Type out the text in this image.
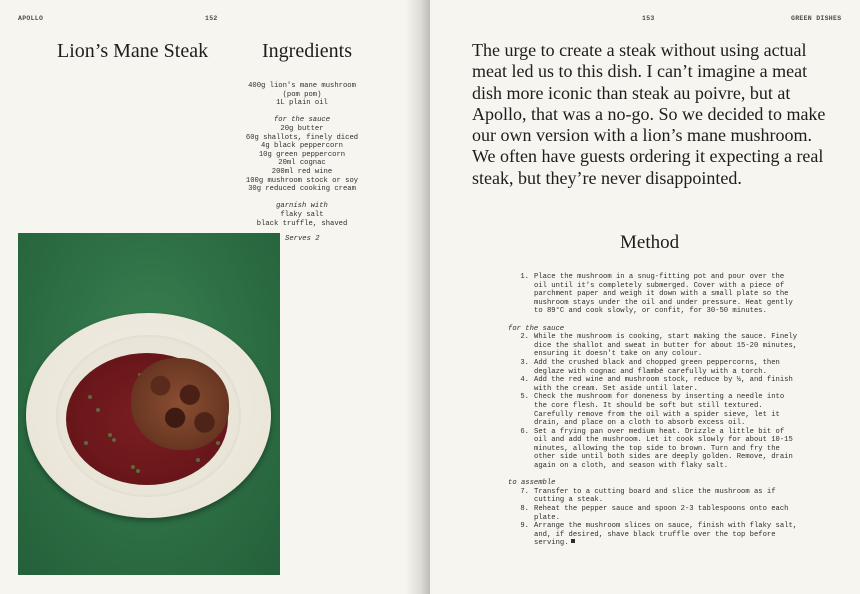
APOLLO	152
Lion’s Mane Steak	Ingredients
400g lion's mane mushroom
(pom pom)
1L plain oil
for the sauce
20g butter
60g shallots, finely diced
4g black peppercorn
10g green peppercorn
20ml cognac
200ml red wine
100g mushroom stock or soy
30g reduced cooking cream
garnish with
flaky salt
black truffle, shaved
Serves 2
153	GREEN DISHES

The urge to create a steak without using actual meat led us to this dish. I can’t imagine a meat dish more iconic than steak au poivre, but at Apollo, that was a no-go. So we decided to make our own version with a lion’s mane mushroom. We often have guests ordering it expecting a real steak, but they’re never disappointed.

Method
1. Place the mushroom in a snug-fitting pot and pour over the oil until it's completely submerged. Cover with a piece of parchment paper and weigh it down with a small plate so the mushroom stays under the oil and under pressure. Heat gently to 89°C and cook slowly, or confit, for 30-50 minutes.
for the sauce
2. While the mushroom is cooking, start making the sauce. Finely dice the shallot and sweat in butter for about 15-20 minutes, ensuring it doesn't take on any colour.
3. Add the crushed black and chopped green peppercorns, then deglaze with cognac and flambé carefully with a torch.
4. Add the red wine and mushroom stock, reduce by ½, and finish with the cream. Set aside until later.
5. Check the mushroom for doneness by inserting a needle into the core flesh. It should be soft but still textured. Carefully remove from the oil with a spider sieve, let it drain, and place on a cloth to absorb excess oil.
6. Set a frying pan over medium heat. Drizzle a little bit of oil and add the mushroom. Let it cook slowly for about 10-15 minutes, allowing the top side to brown. Turn and fry the other side until both sides are deeply golden. Remove, drain again on a cloth, and season with flaky salt.
to assemble
7. Transfer to a cutting board and slice the mushroom as if cutting a steak.
8. Reheat the pepper sauce and spoon 2-3 tablespoons onto each plate.
9. Arrange the mushroom slices on sauce, finish with flaky salt, and, if desired, shave black truffle over the top before serving.
